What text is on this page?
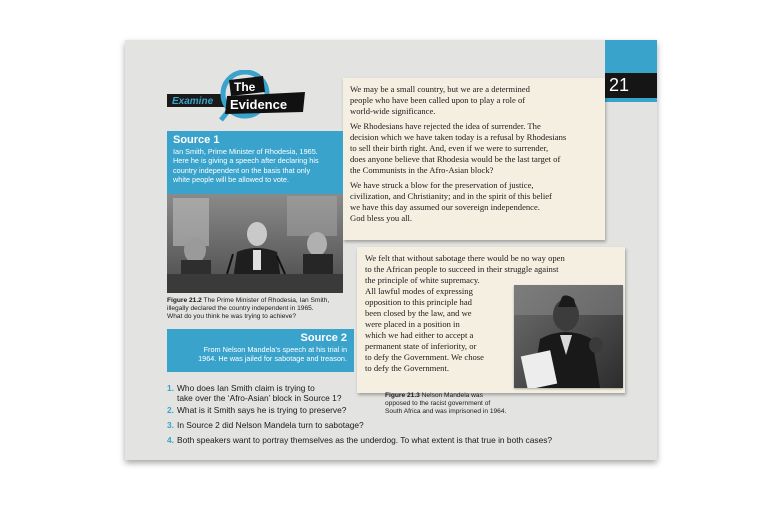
21
Examine
The
Evidence

We may be a small country, but we are a determined
people who have been called upon to play a role of
world-wide significance.

We Rhodesians have rejected the idea of surrender. The
decision which we have taken today is a refusal by Rhodesians
to sell their birth right. And, even if we were to surrender,
does anyone believe that Rhodesia would be the last target of
the Communists in the Afro-Asian block?

We have struck a blow for the preservation of justice,
civilization, and Christianity; and in the spirit of this belief
we have this day assumed our sovereign independence.
God bless you all.

Source 1
Ian Smith, Prime Minister of Rhodesia, 1965.
Here he is giving a speech after declaring his
country independent on the basis that only
white people will be allowed to vote.
Figure 21.2 The Prime Minister of Rhodesia, Ian Smith,
illegally declared the country independent in 1965.
What do you think he was trying to achieve?
Source 2
From Nelson Mandela’s speech at his trial in
1964. He was jailed for sabotage and treason.
We felt that without sabotage there would be no way open
to the African people to succeed in their struggle against
the principle of white supremacy.
All lawful modes of expressing
opposition to this principle had
been closed by the law, and we
were placed in a position in
which we had either to accept a
permanent state of inferiority, or
to defy the Government. We chose
to defy the Government.
Figure 21.3 Nelson Mandela was
opposed to the racist government of
South Africa and was imprisoned in 1964.
1. Who does Ian Smith claim is trying to
take over the ‘Afro-Asian’ block in Source 1?
2. What is it Smith says he is trying to preserve?
3. In Source 2 did Nelson Mandela turn to sabotage?
4. Both speakers want to portray themselves as the underdog. To what extent is that true in both cases?
